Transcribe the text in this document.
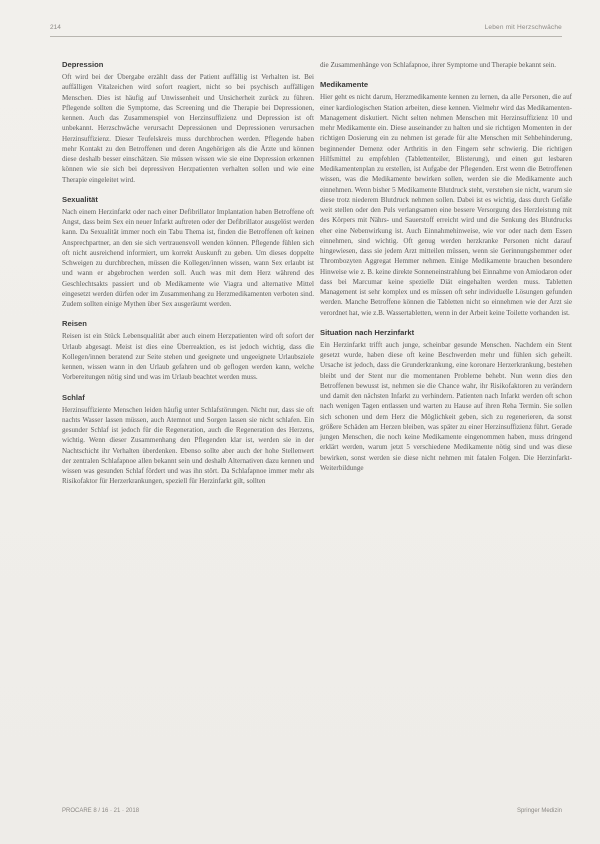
214	Leben mit Herzschwäche

Depression

Oft wird bei der Übergabe erzählt dass der Patient auffällig ist Verhalten ist. Bei auffälligen Vitalzeichen wird sofort reagiert, nicht so bei psychisch auffälligen Menschen. Dies ist häufig auf Unwissenheit und Unsicherheit zurück zu führen. Pflegende sollten die Symptome, das Screening und die Therapie bei Depressionen, kennen. Auch das Zusammenspiel von Herzinsuffizienz und Depression ist oft unbekannt. Herzschwäche verursacht Depressionen und Depressionen verursachen Herzinsuffizienz. Dieser Teufelskreis muss durchbrochen werden. Pflegende haben mehr Kontakt zu den Betroffenen und deren Angehörigen als die Ärzte und können diese deshalb besser einschätzen. Sie müssen wissen wie sie eine Depression erkennen können wie sie sich bei depressiven Herzpatienten verhalten sollen und wie eine Therapie eingeleitet wird.

Sexualität

Nach einem Herzinfarkt oder nach einer Defibrillator Implantation haben Betroffene oft Angst, dass beim Sex ein neuer Infarkt auftreten oder der Defibrillator ausgelöst werden kann. Da Sexualität immer noch ein Tabu Thema ist, finden die Betroffenen oft keinen Ansprechpartner, an den sie sich vertrauensvoll wenden können. Pflegende fühlen sich oft nicht ausreichend informiert, um korrekt Auskunft zu geben. Um dieses doppelte Schweigen zu durchbrechen, müssen die Kollegen/innen wissen, wann Sex erlaubt ist und wann er abgebrochen werden soll. Auch was mit dem Herz während des Geschlechtsakts passiert und ob Medikamente wie Viagra und alternative Mittel eingesetzt werden dürfen oder im Zusammenhang zu Herzmedikamenten verboten sind. Zudem sollten einige Mythen über Sex ausgeräumt werden.

Reisen

Reisen ist ein Stück Lebensqualität aber auch einem Herzpatienten wird oft sofort der Urlaub abgesagt. Meist ist dies eine Überreaktion, es ist jedoch wichtig, dass die Kollegen/innen beratend zur Seite stehen und geeignete und ungeeignete Urlaubsziele kennen, wissen wann in den Urlaub gefahren und ob geflogen werden kann, welche Vorbereitungen nötig sind und was im Urlaub beachtet werden muss.

Schlaf

Herzinsuffiziente Menschen leiden häufig unter Schlafstörungen. Nicht nur, dass sie oft nachts Wasser lassen müssen, auch Atemnot und Sorgen lassen sie nicht schlafen. Ein gesunder Schlaf ist jedoch für die Regeneration, auch die Regeneration des Herzens, wichtig. Wenn dieser Zusammenhang den Pflegenden klar ist, werden sie in der Nachtschicht ihr Verhalten überdenken. Ebenso sollte aber auch der hohe Stellenwert der zentralen Schlafapnoe allen bekannt sein und deshalb Alternativen dazu kennen und wissen was gesunden Schlaf fördert und was ihn stört. Da Schlafapnoe immer mehr als Risikofaktor für Herzerkrankungen, speziell für Herzinfarkt gilt, sollten

die Zusammenhänge von Schlafapnoe, ihrer Symptome und Therapie bekannt sein.

Medikamente

Hier geht es nicht darum, Herzmedikamente kennen zu lernen, da alle Personen, die auf einer kardiologischen Station arbeiten, diese kennen. Vielmehr wird das Medikamenten-Management diskutiert. Nicht selten nehmen Menschen mit Herzinsuffizienz 10 und mehr Medikamente ein. Diese auseinander zu halten und sie richtigen Momenten in der richtigen Dosierung ein zu nehmen ist gerade für alte Menschen mit Sehbehinderung, beginnender Demenz oder Arthritis in den Fingern sehr schwierig. Die richtigen Hilfsmittel zu empfehlen (Tablettenteiler, Blisterung), und einen gut lesbaren Medikamentenplan zu erstellen, ist Aufgabe der Pflegenden. Erst wenn die Betroffenen wissen, was die Medikamente bewirken sollen, werden sie die Medikamente auch einnehmen. Wenn bisher 5 Medikamente Blutdruck steht, verstehen sie nicht, warum sie diese trotz niederem Blutdruck nehmen sollen. Dabei ist es wichtig, dass durch Gefäße weit stellen oder den Puls verlangsamen eine bessere Versorgung des Herzleistung mit des Körpers mit Nährs- und Sauerstoff erreicht wird und die Senkung des Blutdrucks eher eine Nebenwirkung ist. Auch Einnahmehinweise, wie vor oder nach dem Essen einnehmen, sind wichtig. Oft genug werden herzkranke Personen nicht darauf hingewiesen, dass sie jedem Arzt mitteilen müssen, wenn sie Gerinnungshemmer oder Thrombozyten Aggregat Hemmer nehmen. Einige Medikamente brauchen besondere Hinweise wie z. B. keine direkte Sonneneinstrahlung bei Einnahme von Amiodaron oder dass bei Marcumar keine spezielle Diät eingehalten werden muss. Tabletten Management ist sehr komplex und es müssen oft sehr individuelle Lösungen gefunden werden. Manche Betroffene können die Tabletten nicht so einnehmen wie der Arzt sie verordnet hat, wie z.B. Wassertabletten, wenn in der Arbeit keine Toilette vorhanden ist.

Situation nach Herzinfarkt

Ein Herzinfarkt trifft auch junge, scheinbar gesunde Menschen. Nachdem ein Stent gesetzt wurde, haben diese oft keine Beschwerden mehr und fühlen sich geheilt. Ursache ist jedoch, dass die Grunderkrankung, eine koronare Herzerkrankung, bestehen bleibt und der Stent nur die momentanen Probleme behebt. Nun wenn dies den Betroffenen bewusst ist, nehmen sie die Chance wahr, ihr Risikofaktoren zu verändern und damit den nächsten Infarkt zu verhindern. Patienten nach Infarkt werden oft schon nach wenigen Tagen entlassen und warten zu Hause auf ihren Reha Termin. Sie sollen sich schonen und dem Herz die Möglichkeit geben, sich zu regenerieren, da sonst größere Schäden am Herzen bleiben, was später zu einer Herzinsuffizienz führt. Gerade jungen Menschen, die noch keine Medikamente eingenommen haben, muss dringend erklärt werden, warum jetzt 5 verschiedene Medikamente nötig sind und was diese bewirken, sonst werden sie diese nicht nehmen mit fatalen Folgen. Die Herzinfarkt-Weiterbildunge

PROCARE 8 / 16 · 21 · 2018	Springer Medizin
